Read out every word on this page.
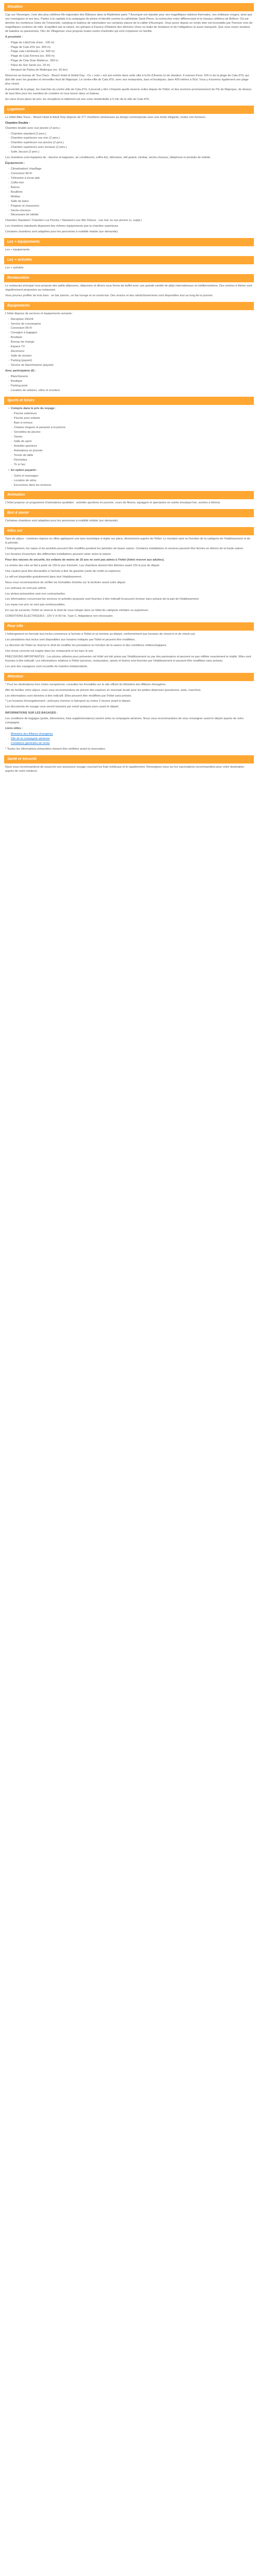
Situation

Cap sur l'Auvergne, l'une des plus célèbres fils régionales des Bâtisses dans la Madeleine paris ? Auvergne est réputée pour ses magnifiques stations thermales, ses châteaux vosges, ainsi que ses montagnes et ses lacs. Partez à la capitale à la campagne de pleine et bientôt comme la cathédrale Saint-Pierre, la rechercher entre différenciant et le travaux célèbres de Brêtcor. Où est derrière les nombreux Soins de l'Université, camping et stations de valorisation sur certaines places de la vallée d'Auvergne. Vous aurez depuis un rendu inter est incontable par l'horizon vers de magnifiques contrées de rokh. Ecquilibré par la nature, les grimpes à Kaunce d'Histoire des dérivées Vives ou leaks de miniature et de l'obligations et aussi marquant. Que vous soyez amateur de balades ou passionnés, l'Arc de Villagemax vous propose toutes sortes d'activités qui vont s'épanouir en famille.

A proximité :

- Plage du Lido/Cote d'axe : 100 m)
- Plage de Cala d'Or (ex. 300 m)
- Plage cala Llombards ( ex. 600 m)
- Plage de Cala Ferrera (ex. 900 m)
- Plage de Cala Gran Mallorca : 950 m
- Plans de Son Santo (ex. 20 m)
- Aéroport de Palma de Mallorque (ex. 60 km)

Réservez au bureau de Tour Dans - Beach Hotel & Holisti Day - Ce « nom » est son entrée dans cette ville à la fin d'Aventu ici de situation. Il mesure d'env. 100 m de la plage de Cala d'Or, qui doit elle avec les grandes et merveilles feuil de Majorque. Le centre-ville de Cala d'Or, avec ses restaurants, bars et boutiques, dans 400 mètres à l'Est. Vous y trouverez également une plage plus vivant.

A proximité de la plage, les marchés du centre ville de Cala d'Or, il pourrait y être n'importe quelle taverne voiles depuis de l'hôtel, et des environs prochainement de l'île de Majorque, de dessus de taux libre pour les navettes de croisière et vous lancer dans un bateau.

Au cœur d'une place de prix, les réceptions le bâtiment est une zone résidentielle à 5 min de la ville de Cala d'Or.

Logement

Le Hôtel Alba Tours – Beach Hotel & Adult Only dispose de 277 chambres lumineuses au design contemporain avec une teinte élégante, toutes non-fumeurs.

Chambre Double :

Chambre double avec vue piscine (2 pers.)

- Chambre standard (2 pers.)
- Chambre supérieure vue mer (2 pers.)
- Chambre supérieure vue piscine (2 pers.)
- Chambre supérieure avec terrasse (2 pers.)
- Suite Jacuzzi (2 pers.)

Les chambres sont équipées de : douche et baignoire, air conditionné, coffre-fort, télévision, wifi gratuit, minibar, sèche-cheveux, téléphone et produits de toilette.

Équipements :

- Climatisation/ chauffage
- Connexion Wi-Fi
- Télévision à écran plat
- Coffre-fort
- Balcon
- Bouilloire
- Minibar
- Salle de bains
- Peignoir et chaussons
- Sèche-cheveux
- Nécessaire de toilette

Chambre Standard / Chambre Lux Piscine / Standard Luxe Mer Deluxe : vue mer ou vue piscine (s. suppl.)

Les chambres standards disposent des mêmes équipements que la chambre supérieure.

Certaines chambres sont adaptées pour les personnes à mobilité réduite (sur demande).

Les + équipements

Les + équipements

Les + activités

Les + activités

Restauration

Le restaurant principal vous propose des petits-déjeuners, déjeuners et dîners sous forme de buffet avec une grande variété de plats internationaux et méditerranéens. Des soirées à thème sont régulièrement proposées au restaurant.

Vous pourrez profiter de trois bars : un bar piscine, un bar lounge et un snack-bar. Des snacks et des rafraîchissements sont disponibles tout au long de la journée.

Équipements

L'hôtel dispose de services et équipements suivants :

- Réception 24h/24
- Service de conciergerie
- Connexion Wi-Fi
- Consigne à bagages
- Boutique
- Bureau de change
- Espace TV
- Ascenseur
- Salle de réunion
- Parking (payant)
- Service de blanchisserie (payant)

Avec participation (€) :

- Blanchisserie
- Boutique
- Parking privé
- Location de voitures, vélos et scooters
Sports et loisirs
• Compris dans le prix du voyage :
- Piscine extérieure
- Piscine pour enfants
- Bain à remous
- Chaises longues et parasols à la piscine
- Serviettes de piscine
- Sauna
- Salle de sport
- Activités sportives
- Animations en journée
- Tennis de table
- Fléchettes
- Tir à l'arc
• En option payante :
- Soins et massages
- Location de vélos
- Excursions dans les environs
Animation

L'hôtel propose un programme d'animations quotidien : activités sportives en journée, cours de fitness, aquagym et spectacles en soirée (musique live, soirées à thème).

Bon à savoir

Certaines chambres sont adaptées pour les personnes à mobilité réduite (sur demande).

Infos sur

Taxe de séjour : certaines régions ou villes appliquent une taxe touristique à régler sur place, directement auprès de l'hôtel. Le montant varie en fonction de la catégorie de l'établissement et de la période.

L'hébergement, les repas et les activités peuvent être modifiés pendant les périodes de basse saison. Certaines installations et services peuvent être fermés en dehors de la haute saison.

Les horaires d'ouverture des différentes installations peuvent varier selon la saison.

Pour des raisons de sécurité, les enfants de moins de 16 ans ne sont pas admis à l'hôtel (hôtel réservé aux adultes).

La remise des clés se fait à partir de 15h le jour d'arrivée. Les chambres doivent être libérées avant 12h le jour du départ.

Une caution peut être demandée à l'arrivée à titre de garantie (carte de crédit ou espèces).

Le wifi est disponible gratuitement dans tout l'établissement.

Nous vous recommandons de vérifier les formalités d'entrée sur le territoire avant votre départ.

Les animaux ne sont pas admis.

Les photos présentées sont non contractuelles.

Les informations concernant les services et activités proposés sont fournies à titre indicatif et peuvent évoluer sans préavis de la part de l'établissement.

Les repas non pris ne sont pas remboursables.

En cas de survente, l'hôtel se réserve le droit de vous reloger dans un hôtel de catégorie similaire ou supérieure.

CONDITIONS ÉLECTRIQUES : 220 V et 50 Hz. Type C. Adaptateur non nécessaire.

Pour info

L'hébergement en formule tout inclus commence à l'arrivée à l'hôtel et se termine au départ, conformément aux horaires de check-in et de check-out.

Les prestations tout inclus sont disponibles aux horaires indiqués par l'hôtel et peuvent être modifiées.

La direction de l'hôtel se réserve le droit de modifier les prestations en fonction de la saison et des conditions météorologiques.

Une tenue correcte est exigée dans les restaurants et les bars le soir.

PRÉCISIONS IMPORTANTES : Les photos utilisées pour présenter cet hôtel ont été prises par l'établissement ou par des partenaires et peuvent ne pas refléter exactement la réalité. Elles sont fournies à titre indicatif. Les informations relatives à l'hôtel (services, restauration, sports et loisirs) sont fournies par l'établissement et peuvent être modifiées sans préavis.

Les avis des voyageurs sont recueillis de manière indépendante.

Attention

* Pour les destinations hors Union européenne, consultez les formalités sur le site officiel du Ministère des Affaires étrangères.

Afin de faciliter votre séjour, nous vous recommandons de prévoir des espèces en monnaie locale pour les petites dépenses (pourboires, taxis, marchés).

Les informations sont données à titre indicatif. Elles peuvent être modifiées par l'hôtel sans préavis.

* Les horaires d'enregistrement : prévoyez d'arriver à l'aéroport au moins 2 heures avant le départ.

Les documents de voyage vous seront transmis par email quelques jours avant le départ.

INFORMATIONS SUR LES BAGAGES :

Les conditions de bagages (poids, dimensions, frais supplémentaires) varient selon la compagnie aérienne. Nous vous recommandons de vous renseigner avant le départ auprès de votre compagnie.

Liens utiles :

- Ministère des Affaires étrangères
- Site de la compagnie aérienne
- Conditions générales de vente

* Toutes les informations présentées doivent être vérifiées avant la réservation.

Santé et Sécurité

Nous vous recommandons de souscrire une assurance voyage couvrant les frais médicaux et le rapatriement. Renseignez-vous sur les vaccinations recommandées pour votre destination auprès de votre médecin.
